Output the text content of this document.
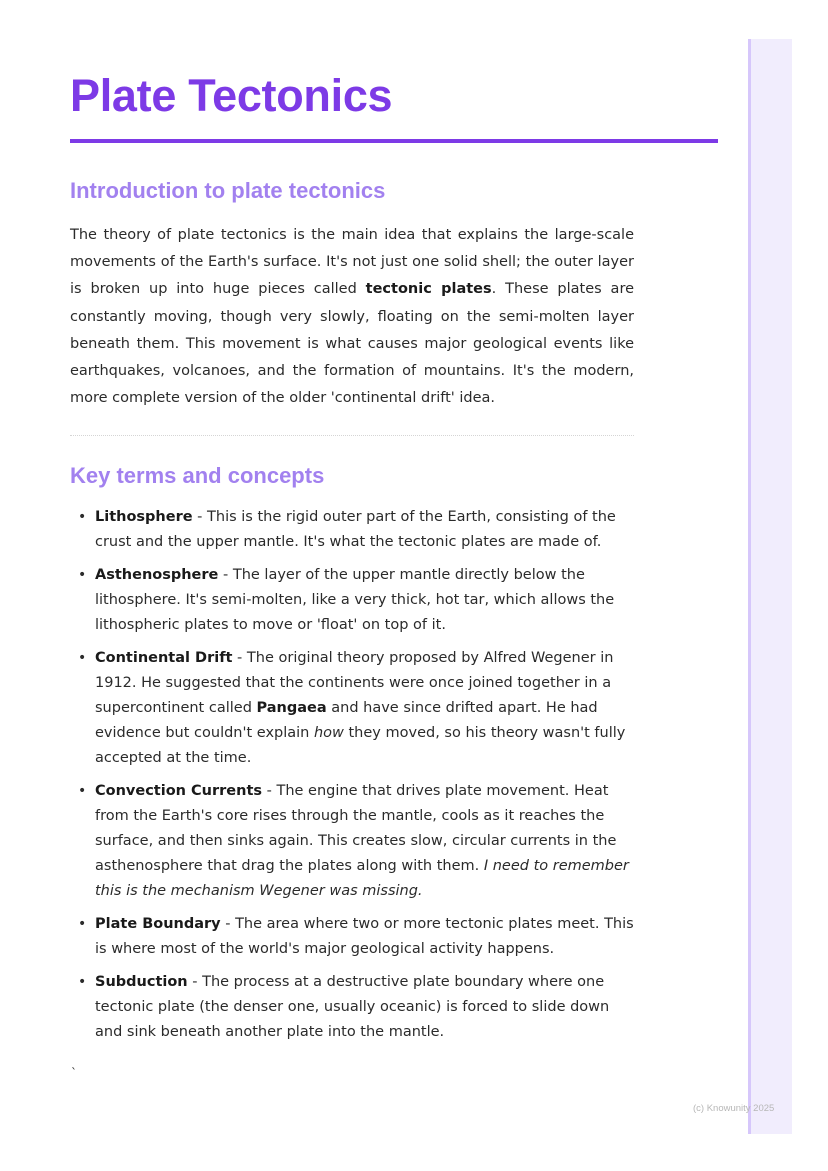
Plate Tectonics
Introduction to plate tectonics

The theory of plate tectonics is the main idea that explains the large-scale movements of the Earth's surface. It's not just one solid shell; the outer layer is broken up into huge pieces called tectonic plates. These plates are constantly moving, though very slowly, floating on the semi-molten layer beneath them. This movement is what causes major geological events like earthquakes, volcanoes, and the formation of mountains. It's the modern, more complete version of the older 'continental drift' idea.

Key terms and concepts
• Lithosphere - This is the rigid outer part of the Earth, consisting of the crust and the upper mantle. It's what the tectonic plates are made of.
• Asthenosphere - The layer of the upper mantle directly below the lithosphere. It's semi-molten, like a very thick, hot tar, which allows the lithospheric plates to move or 'float' on top of it.
• Continental Drift - The original theory proposed by Alfred Wegener in 1912. He suggested that the continents were once joined together in a supercontinent called Pangaea and have since drifted apart. He had evidence but couldn't explain how they moved, so his theory wasn't fully accepted at the time.
• Convection Currents - The engine that drives plate movement. Heat from the Earth's core rises through the mantle, cools as it reaches the surface, and then sinks again. This creates slow, circular currents in the asthenosphere that drag the plates along with them. I need to remember this is the mechanism Wegener was missing.
• Plate Boundary - The area where two or more tectonic plates meet. This is where most of the world's major geological activity happens.
• Subduction - The process at a destructive plate boundary where one tectonic plate (the denser one, usually oceanic) is forced to slide down and sink beneath another plate into the mantle.
`
(c) Knowunity 2025
